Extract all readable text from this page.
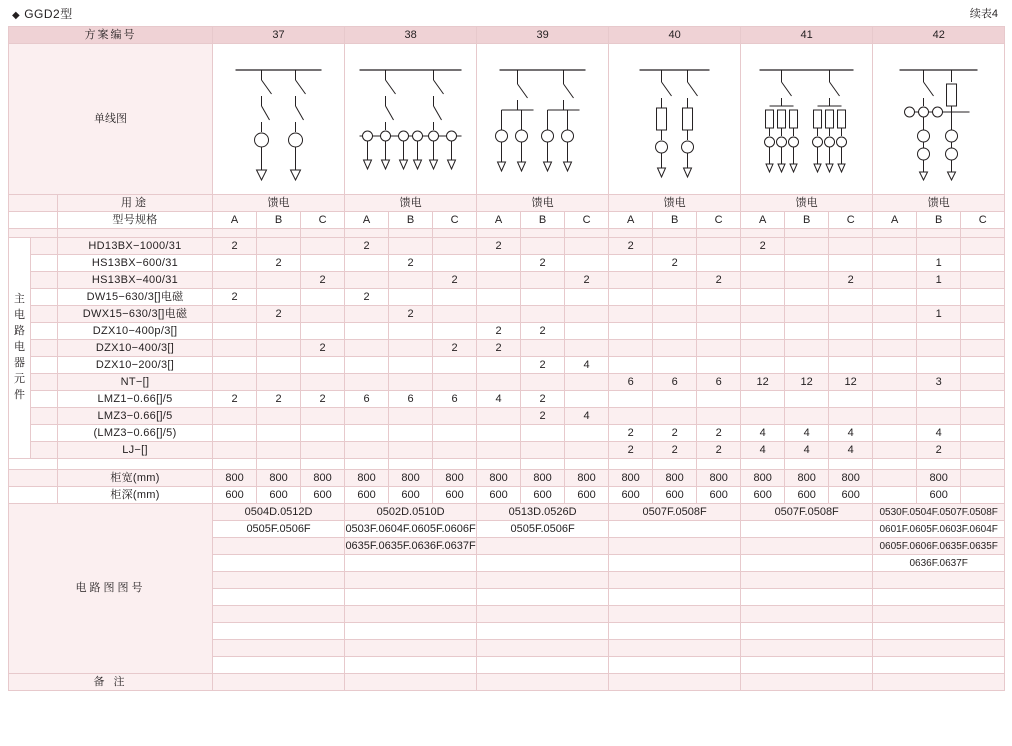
◆ GGD2型	续表4
方案编号			37			38			39			40			41			42		
单线图	

		用途	馈电			馈电			馈电			馈电			馈电			馈电		
		型号规格	A	B	C	A	B	C	A	B	C	A	B	C	A	B	C	A	B	C

主
电
路
电
器
元
件
		HD13BX−1000/31	2			2			2			2			2					
		HS13BX−600/31		2			2			2			2						1	
		HS13BX−400/31			2			2			2			2			2		1	
		DW15−630/3[]电磁	2			2														
		DWX15−630/3[]电磁		2			2												1	
		DZX10−400p/3[]							2	2										
		DZX10−400/3[]			2			2	2											
		DZX10−200/3[]								2	4									
		NT−[]										6	6	6	12	12	12		3	
		LMZ1−0.66[]/5	2	2	2	6	6	6	4	2										
		LMZ3−0.66[]/5								2	4									
		(LMZ3−0.66[]/5)										2	2	2	4	4	4		4	
		LJ−[]										2	2	2	4	4	4		2	

		柜宽(mm)	800	800	800	800	800	800	800	800	800	800	800	800	800	800	800		800	
		柜深(mm)	600	600	600	600	600	600	600	600	600	600	600	600	600	600	600		600	
电路图图号			0504D.0512D			0502D.0510D			0513D.0526D			0507F.0508F			0507F.0508F			0530F.0504F.0507F.0508F		
			0505F.0506F			0503F.0604F.0605F.0606F			0505F.0506F									0601F.0605F.0603F.0604F		
						0635F.0635F.0636F.0637F												0605F.0606F.0635F.0635F		
																		0636F.0637F		

备 注																				
